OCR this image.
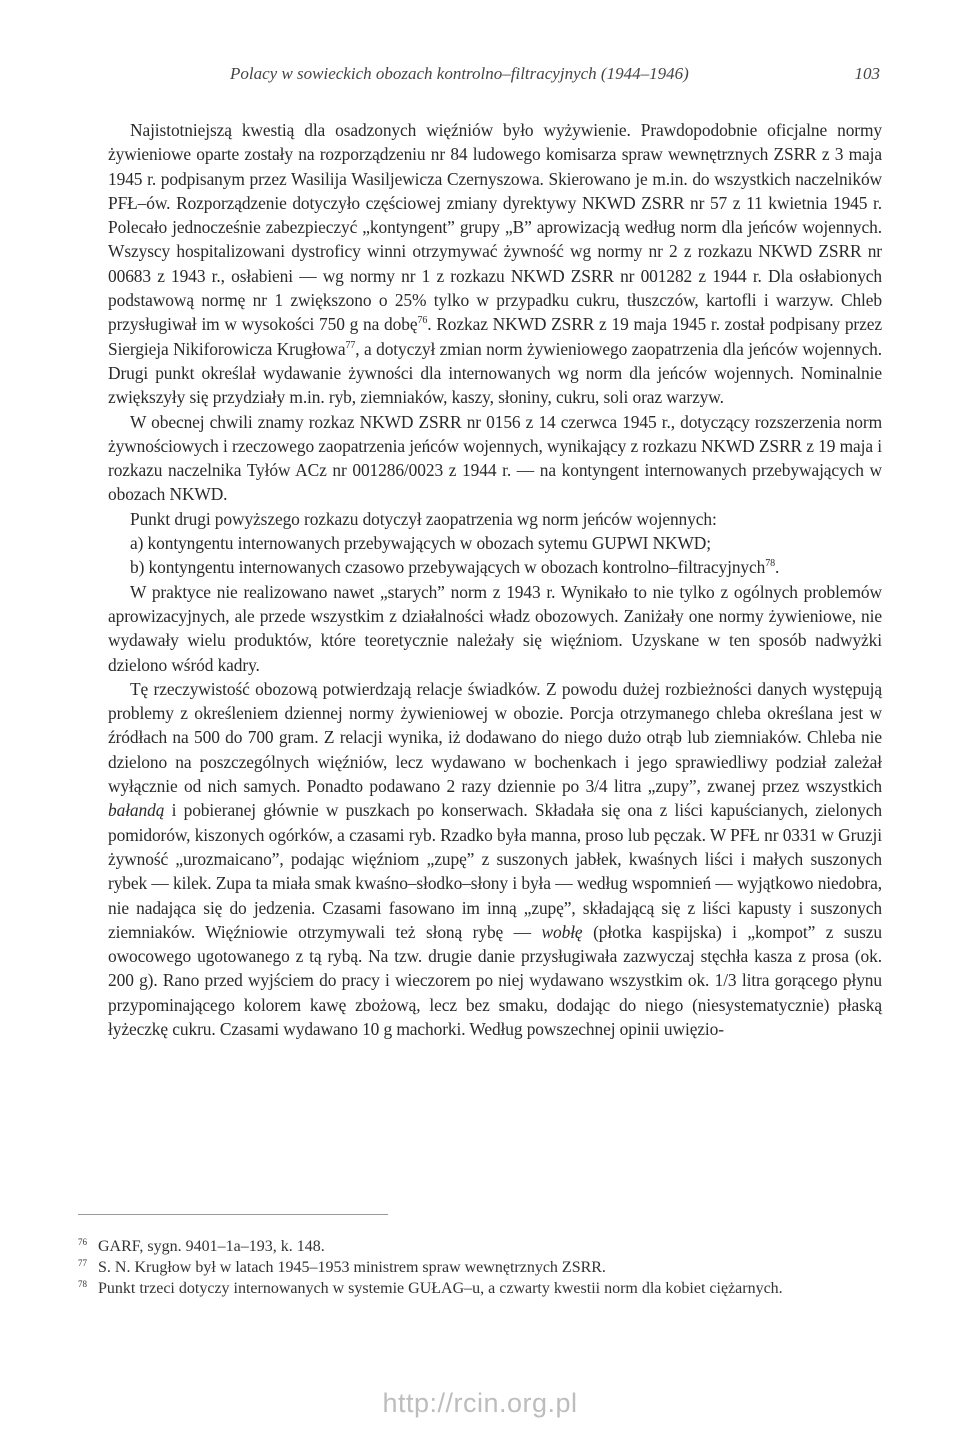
Polacy w sowieckich obozach kontrolno–filtracyjnych (1944–1946)	103

Najistotniejszą kwestią dla osadzonych więźniów było wyżywienie. Prawdopodobnie oficjalne normy żywieniowe oparte zostały na rozporządzeniu nr 84 ludowego komisarza spraw wewnętrznych ZSRR z 3 maja 1945 r. podpisanym przez Wasilija Wasiljewicza Czernyszowa. Skierowano je m.in. do wszystkich naczelników PFŁ–ów. Rozporządzenie dotyczyło częściowej zmiany dyrektywy NKWD ZSRR nr 57 z 11 kwietnia 1945 r. Polecało jednocześnie zabezpieczyć „kontyngent” grupy „B” aprowizacją według norm dla jeńców wojennych. Wszyscy hospitalizowani dystroficy winni otrzymywać żywność wg normy nr 2 z rozkazu NKWD ZSRR nr 00683 z 1943 r., osłabieni — wg normy nr 1 z rozkazu NKWD ZSRR nr 001282 z 1944 r. Dla osłabionych podstawową normę nr 1 zwiększono o 25% tylko w przypadku cukru, tłuszczów, kartofli i warzyw. Chleb przysługiwał im w wysokości 750 g na dobę$^{76}$. Rozkaz NKWD ZSRR z 19 maja 1945 r. został podpisany przez Siergieja Nikiforowicza Krugłowa$^{77}$, a dotyczył zmian norm żywieniowego zaopatrzenia dla jeńców wojennych. Drugi punkt określał wydawanie żywności dla internowanych wg norm dla jeńców wojennych. Nominalnie zwiększyły się przydziały m.in. ryb, ziemniaków, kaszy, słoniny, cukru, soli oraz warzyw.

W obecnej chwili znamy rozkaz NKWD ZSRR nr 0156 z 14 czerwca 1945 r., dotyczący rozszerzenia norm żywnościowych i rzeczowego zaopatrzenia jeńców wojennych, wynikający z rozkazu NKWD ZSRR z 19 maja i rozkazu naczelnika Tyłów ACz nr 001286/0023 z 1944 r. — na kontyngent internowanych przebywających w obozach NKWD.

Punkt drugi powyższego rozkazu dotyczył zaopatrzenia wg norm jeńców wojennych:

a) kontyngentu internowanych przebywających w obozach sytemu GUPWI NKWD;

b) kontyngentu internowanych czasowo przebywających w obozach kontrolno–filtracyjnych$^{78}$.

W praktyce nie realizowano nawet „starych” norm z 1943 r. Wynikało to nie tylko z ogólnych problemów aprowizacyjnych, ale przede wszystkim z działalności władz obozowych. Zaniżały one normy żywieniowe, nie wydawały wielu produktów, które teoretycznie należały się więźniom. Uzyskane w ten sposób nadwyżki dzielono wśród kadry.

Tę rzeczywistość obozową potwierdzają relacje świadków. Z powodu dużej rozbieżności danych występują problemy z określeniem dziennej normy żywieniowej w obozie. Porcja otrzymanego chleba określana jest w źródłach na 500 do 700 gram. Z relacji wynika, iż dodawano do niego dużo otrąb lub ziemniaków. Chleba nie dzielono na poszczególnych więźniów, lecz wydawano w bochenkach i jego sprawiedliwy podział zależał wyłącznie od nich samych. Ponadto podawano 2 razy dziennie po 3/4 litra „zupy”, zwanej przez wszystkich bałandą i pobieranej głównie w puszkach po konserwach. Składała się ona z liści kapuścianych, zielonych pomidorów, kiszonych ogórków, a czasami ryb. Rzadko była manna, proso lub pęczak. W PFŁ nr 0331 w Gruzji żywność „urozmaicano”, podając więźniom „zupę” z suszonych jabłek, kwaśnych liści i małych suszonych rybek — kilek. Zupa ta miała smak kwaśno–słodko–słony i była — według wspomnień — wyjątkowo niedobra, nie nadająca się do jedzenia. Czasami fasowano im inną „zupę”, składającą się z liści kapusty i suszonych ziemniaków. Więźniowie otrzymywali też słoną rybę — wobłę (płotka kaspijska) i „kompot” z suszu owocowego ugotowanego z tą rybą. Na tzw. drugie danie przysługiwała zazwyczaj stęchła kasza z prosa (ok. 200 g). Rano przed wyjściem do pracy i wieczorem po niej wydawano wszystkim ok. 1/3 litra gorącego płynu przypominającego kolorem kawę zbożową, lecz bez smaku, dodając do niego (niesystematycznie) płaską łyżeczkę cukru. Czasami wydawano 10 g machorki. Według powszechnej opinii uwięzio-

76 GARF, sygn. 9401–1a–193, k. 148.

77 S. N. Krugłow był w latach 1945–1953 ministrem spraw wewnętrznych ZSRR.

78 Punkt trzeci dotyczy internowanych w systemie GUŁAG–u, a czwarty kwestii norm dla kobiet ciężarnych.

http://rcin.org.pl
